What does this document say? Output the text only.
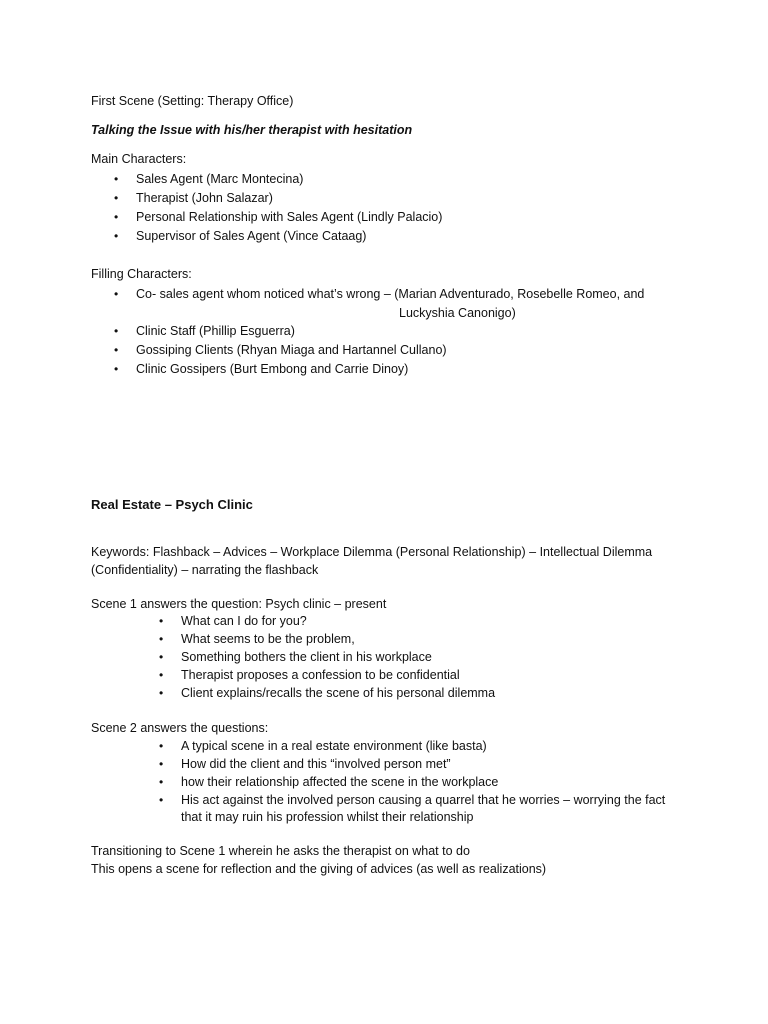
First Scene (Setting: Therapy Office)
Talking the Issue with his/her therapist with hesitation
Main Characters:
• Sales Agent (Marc Montecina)
• Therapist (John Salazar)
• Personal Relationship with Sales Agent (Lindly Palacio)
• Supervisor of Sales Agent (Vince Cataag)
Filling Characters:
• Co- sales agent whom noticed what’s wrong – (Marian Adventurado, Rosebelle Romeo, and
Luckyshia Canonigo)
• Clinic Staff (Phillip Esguerra)
• Gossiping Clients (Rhyan Miaga and Hartannel Cullano)
• Clinic Gossipers (Burt Embong and Carrie Dinoy)
Real Estate – Psych Clinic
Keywords: Flashback – Advices – Workplace Dilemma (Personal Relationship) – Intellectual Dilemma
(Confidentiality) – narrating the flashback
Scene 1 answers the question: Psych clinic – present
• What can I do for you?
• What seems to be the problem,
• Something bothers the client in his workplace
• Therapist proposes a confession to be confidential
• Client explains/recalls the scene of his personal dilemma
Scene 2 answers the questions:
• A typical scene in a real estate environment (like basta)
• How did the client and this “involved person met”
• how their relationship affected the scene in the workplace
• His act against the involved person causing a quarrel that he worries – worrying the fact
that it may ruin his profession whilst their relationship
Transitioning to Scene 1 wherein he asks the therapist on what to do
This opens a scene for reflection and the giving of advices (as well as realizations)
